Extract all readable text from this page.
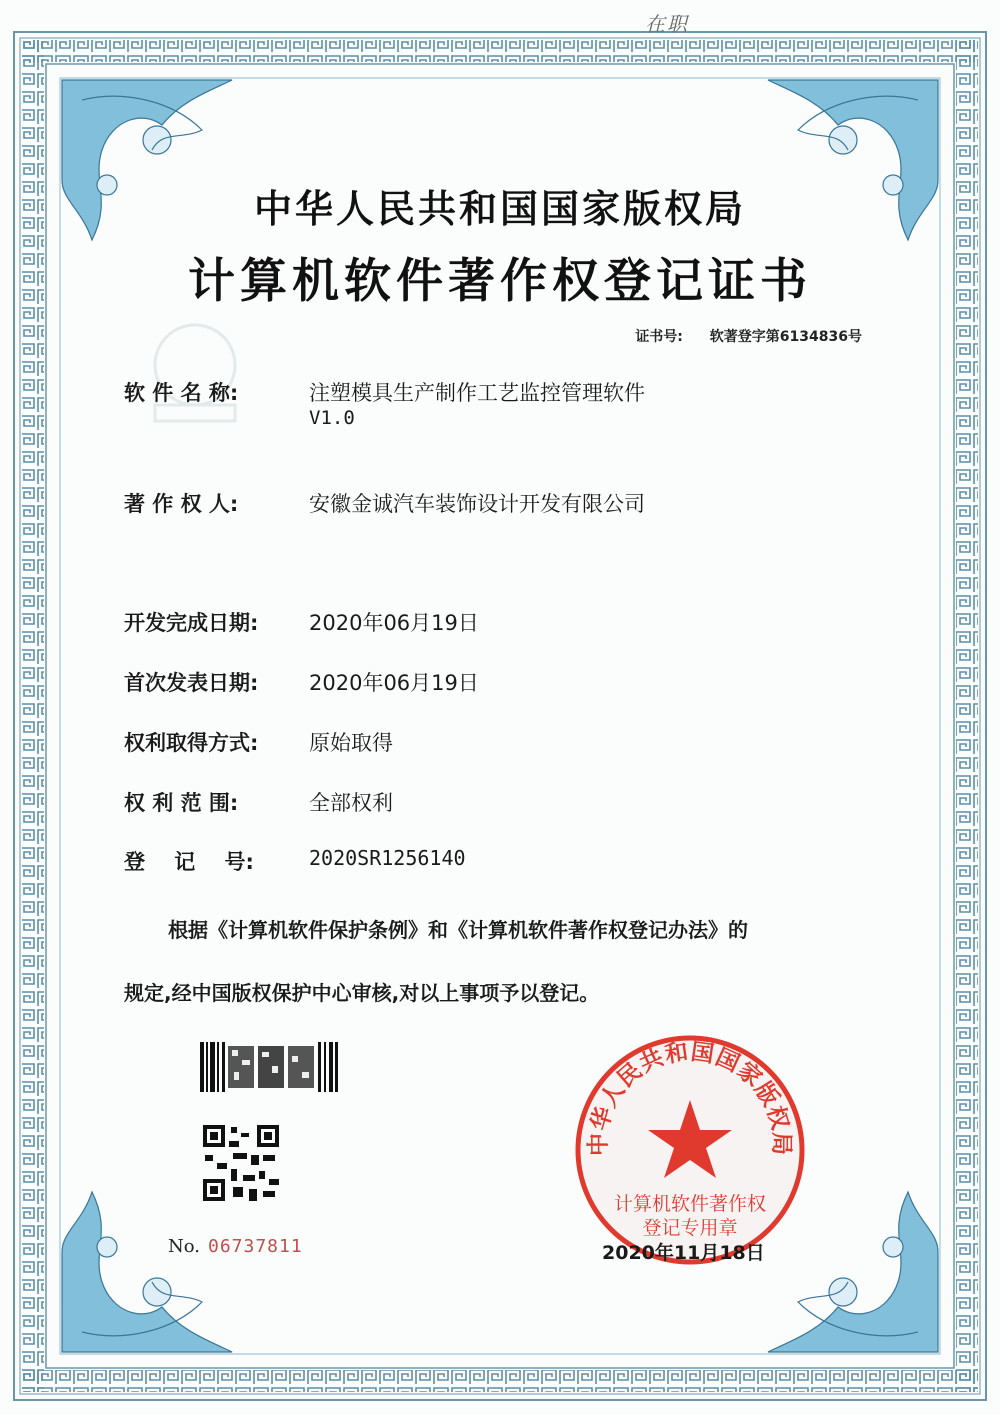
在职
中华人民共和国国家版权局
计算机软件著作权登记证书
证书号: 软著登字第6134836号
软 件 名 称:	注塑模具生产制作工艺监控管理软件
V1.0
著 作 权 人:	安徽金诚汽车装饰设计开发有限公司
开发完成日期: 2020年06月19日
首次发表日期: 2020年06月19日
权利取得方式: 原始取得
权 利 范 围:	全部权利
登    记    号:	2020SR1256140
根据《计算机软件保护条例》和《计算机软件著作权登记办法》的
规定,经中国版权保护中心审核,对以上事项予以登记。
No. 06737811
中华人民共和国国家版权局
计算机软件著作权
登记专用章
2020年11月18日
